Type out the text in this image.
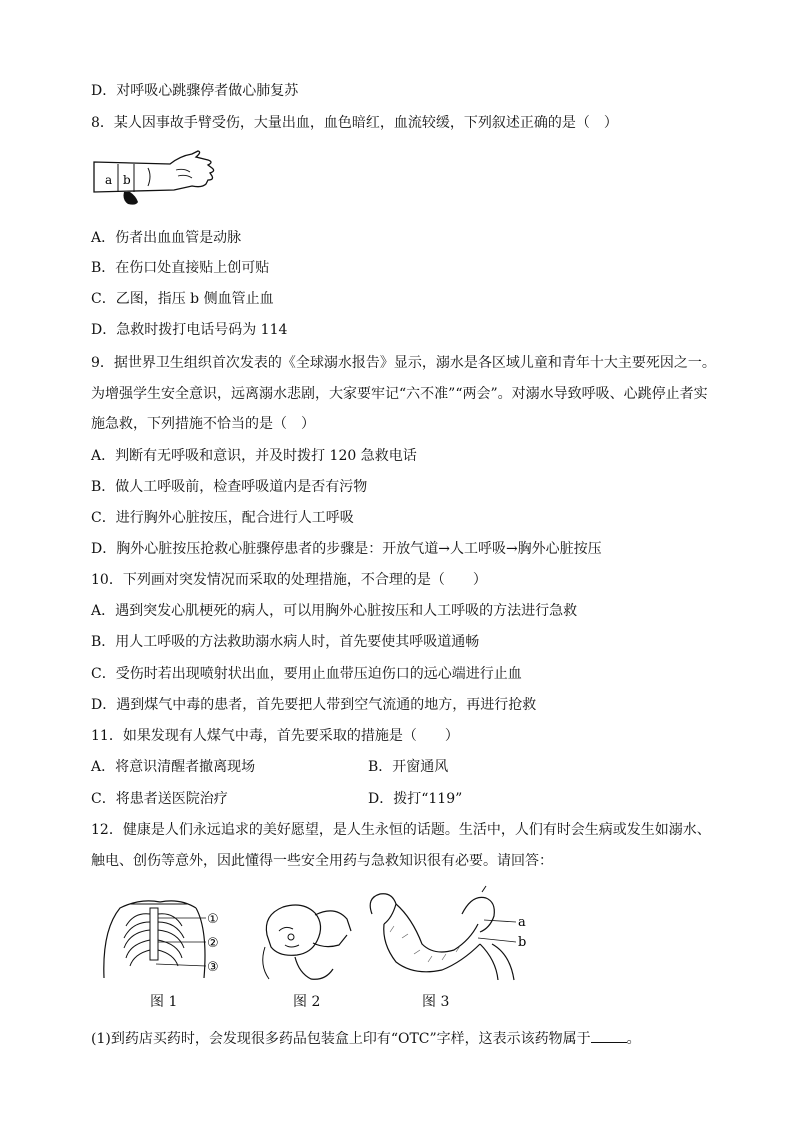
D．对呼吸心跳骤停者做心肺复苏
8．某人因事故手臂受伤，大量出血，血色暗红，血流较缓，下列叙述正确的是（　）
a b
A．伤者出血血管是动脉
B．在伤口处直接贴上创可贴
C．乙图，指压 b 侧血管止血
D．急救时拨打电话号码为 114
9．据世界卫生组织首次发表的《全球溺水报告》显示，溺水是各区域儿童和青年十大主要死因之一。
为增强学生安全意识，远离溺水悲剧，大家要牢记“六不准”“两会”。对溺水导致呼吸、心跳停止者实
施急救，下列措施不恰当的是（　）
A．判断有无呼吸和意识，并及时拨打 120 急救电话
B．做人工呼吸前，检查呼吸道内是否有污物
C．进行胸外心脏按压，配合进行人工呼吸
D．胸外心脏按压抢救心脏骤停患者的步骤是：开放气道→人工呼吸→胸外心脏按压
10．下列画对突发情况而采取的处理措施，不合理的是（　　）
A．遇到突发心肌梗死的病人，可以用胸外心脏按压和人工呼吸的方法进行急救
B．用人工呼吸的方法救助溺水病人时，首先要使其呼吸道通畅
C．受伤时若出现喷射状出血，要用止血带压迫伤口的远心端进行止血
D．遇到煤气中毒的患者，首先要把人带到空气流通的地方，再进行抢救
11．如果发现有人煤气中毒，首先要采取的措施是（　　）
A．将意识清醒者撤离现场	B．开窗通风
C．将患者送医院治疗	D．拨打“119”
12．健康是人们永远追求的美好愿望，是人生永恒的话题。生活中，人们有时会生病或发生如溺水、
触电、创伤等意外，因此懂得一些安全用药与急救知识很有必要。请回答：
①
②
③
图 1	图 2
a
b
图 3
(1)到药店买药时，会发现很多药品包装盒上印有“OTC”字样，这表示该药物属于	。
